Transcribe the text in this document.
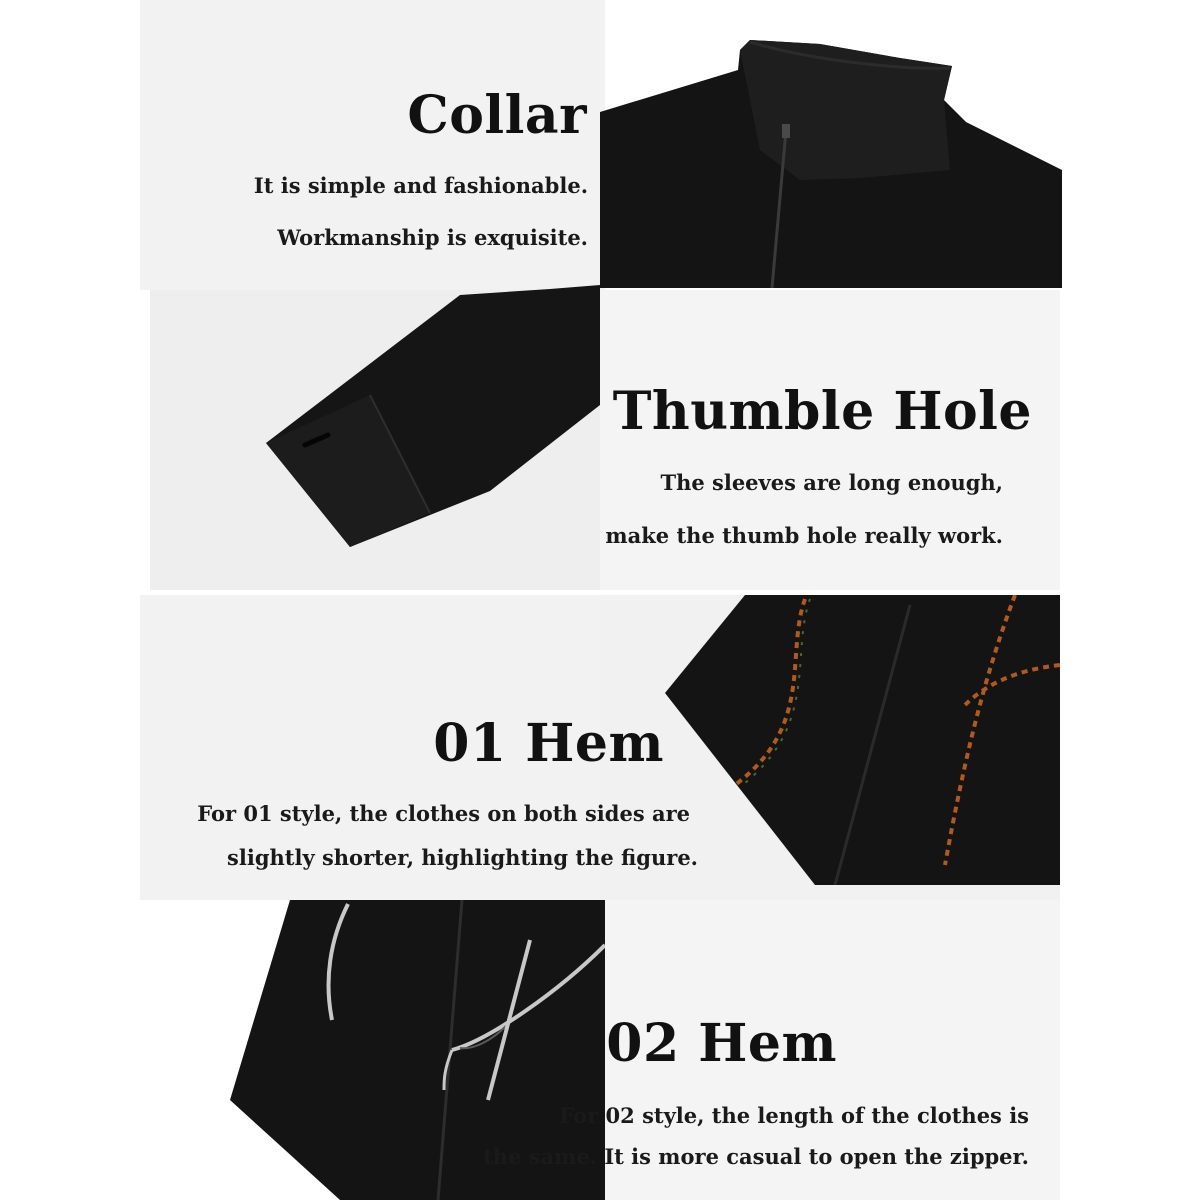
Collar

It is simple and fashionable.

Workmanship is exquisite.

Thumble Hole

The sleeves are long enough,

make the thumb hole really work.

01 Hem

For 01 style, the clothes on both sides are

slightly shorter, highlighting the figure.

02 Hem

For 02 style, the length of the clothes is

the same. It is more casual to open the zipper.
